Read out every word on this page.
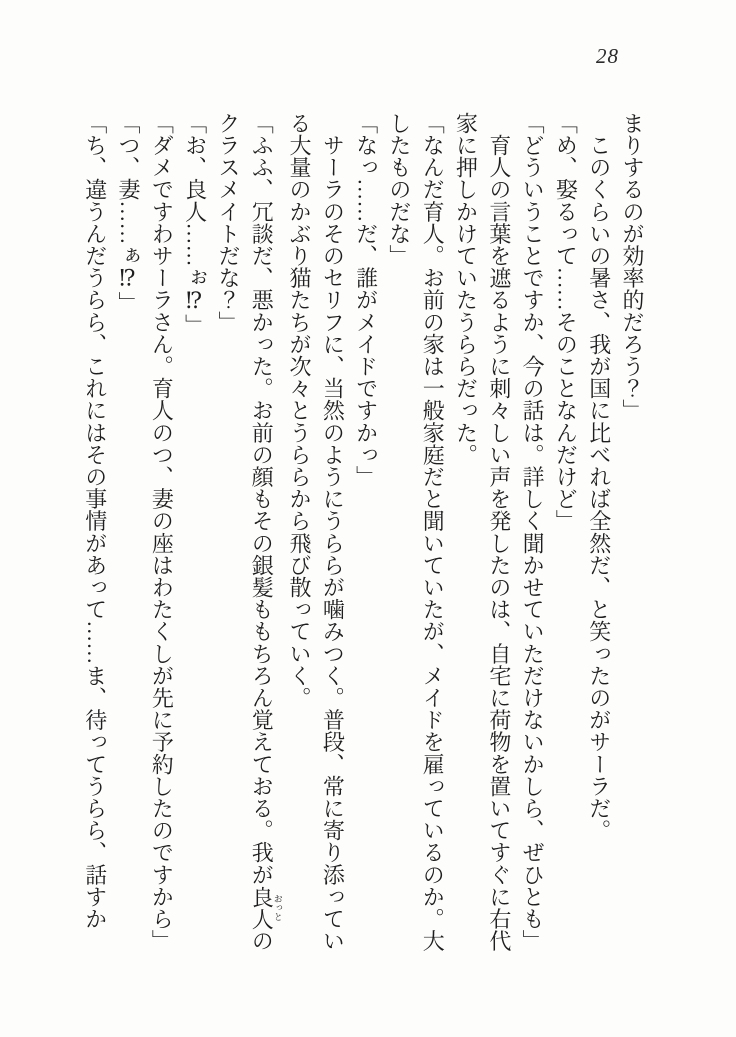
28

まりするのが効率的だろう？」

　このくらいの暑さ、我が国に比べれば全然だ、と笑ったのがサーラだ。

「め、娶るって……そのことなんだけど」

「どういうことですか、今の話は。詳しく聞かせていただけないかしら、ぜひとも」

　育人の言葉を遮るように刺々しい声を発したのは、自宅に荷物を置いてすぐに右代

家に押しかけていたうららだった。

「なんだ育人。お前の家は一般家庭だと聞いていたが、メイドを雇っているのか。大

したものだな」

「なっ……だ、誰がメイドですかっ」

　サーラのそのセリフに、当然のようにうららが噛みつく。普段、常に寄り添ってい

る大量のかぶり猫たちが次々とうららから飛び散っていく。

「ふふ、冗談だ、悪かった。お前の顔もその銀髪ももちろん覚えておる。我が良人おっとの

クラスメイトだな？」

「お、良人……ぉ⁉」

「ダメですわサーラさん。育人のつ、妻の座はわたくしが先に予約したのですから」

「つ、妻……ぁ⁉」

「ち、違うんだうらら、これにはその事情があって……ま、待ってうらら、話すか
